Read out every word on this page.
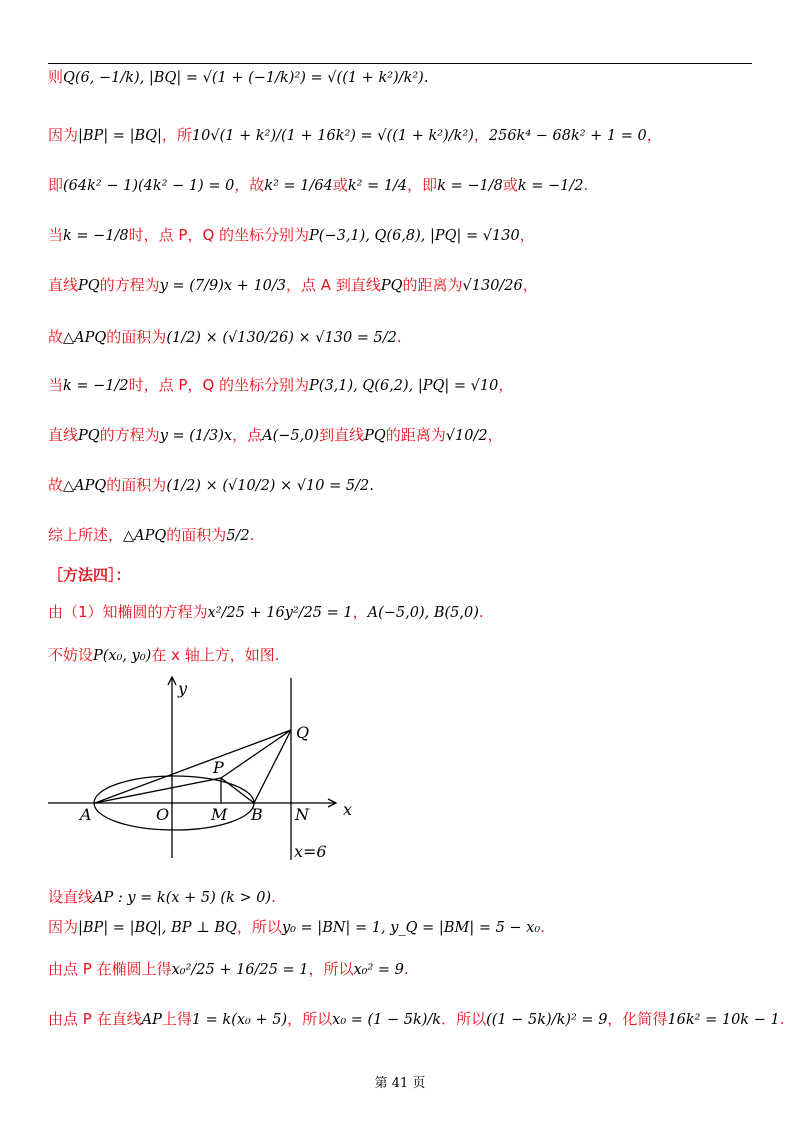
则Q(6, −1/k), |BQ| = √(1 + (−1/k)²) = √((1 + k²)/k²).
因为|BP| = |BQ|，所10√(1 + k²)/(1 + 16k²) = √((1 + k²)/k²)，256k⁴ − 68k² + 1 = 0，
即(64k² − 1)(4k² − 1) = 0，故k² = 1/64或k² = 1/4，即k = −1/8或k = −1/2.
当k = −1/8时，点 P，Q 的坐标分别为P(−3,1), Q(6,8), |PQ| = √130，
直线PQ的方程为y = (7/9)x + 10/3，点 A 到直线PQ的距离为√130/26，
故△APQ的面积为(1/2) × (√130/26) × √130 = 5/2.
当k = −1/2时，点 P，Q 的坐标分别为P(3,1), Q(6,2), |PQ| = √10，
直线PQ的方程为y = (1/3)x，点A(−5,0)到直线PQ的距离为√10/2，
故△APQ的面积为(1/2) × (√10/2) × √10 = 5/2.
综上所述，△APQ的面积为5/2.
［方法四］：
由（1）知椭圆的方程为x²/25 + 16y²/25 = 1，A(−5,0), B(5,0).
不妨设P(x₀, y₀)在 x 轴上方，如图.
设直线AP : y = k(x + 5) (k > 0).
因为|BP| = |BQ|, BP ⊥ BQ，所以y₀ = |BN| = 1, y_Q = |BM| = 5 − x₀.
由点 P 在椭圆上得x₀²/25 + 16/25 = 1，所以x₀² = 9.
由点 P 在直线AP上得1 = k(x₀ + 5)，所以x₀ = (1 − 5k)/k．所以((1 − 5k)/k)² = 9，化简得16k² = 10k − 1.
y
x
Q
P
A	O	M B N
x=6
第 41 页
